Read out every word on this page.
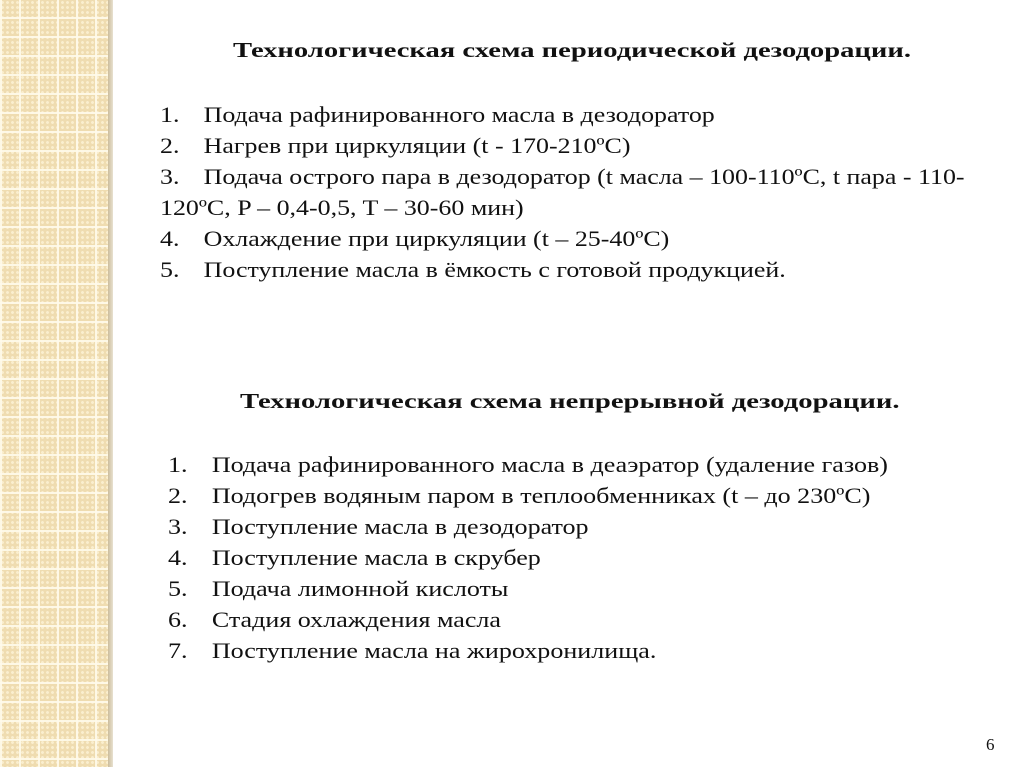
Технологическая схема периодической дезодорации.
1. Подача рафинированного масла в дезодоратор
2. Нагрев при циркуляции (t - 170-210ºC)
3. Подача острого пара в дезодоратор (t масла – 100-110ºC, t пара - 110-
120ºC, P – 0,4-0,5, T – 30-60 мин)
4. Охлаждение при циркуляции (t – 25-40ºC)
5. Поступление масла в ёмкость с готовой продукцией.
Технологическая схема непрерывной дезодорации.
1. Подача рафинированного масла в деаэратор (удаление газов)
2. Подогрев водяным паром в теплообменниках (t – до 230ºC)
3. Поступление масла в дезодоратор
4. Поступление масла в скрубер
5. Подача лимонной кислоты
6. Стадия охлаждения масла
7. Поступление масла на жирохронилища.
6
